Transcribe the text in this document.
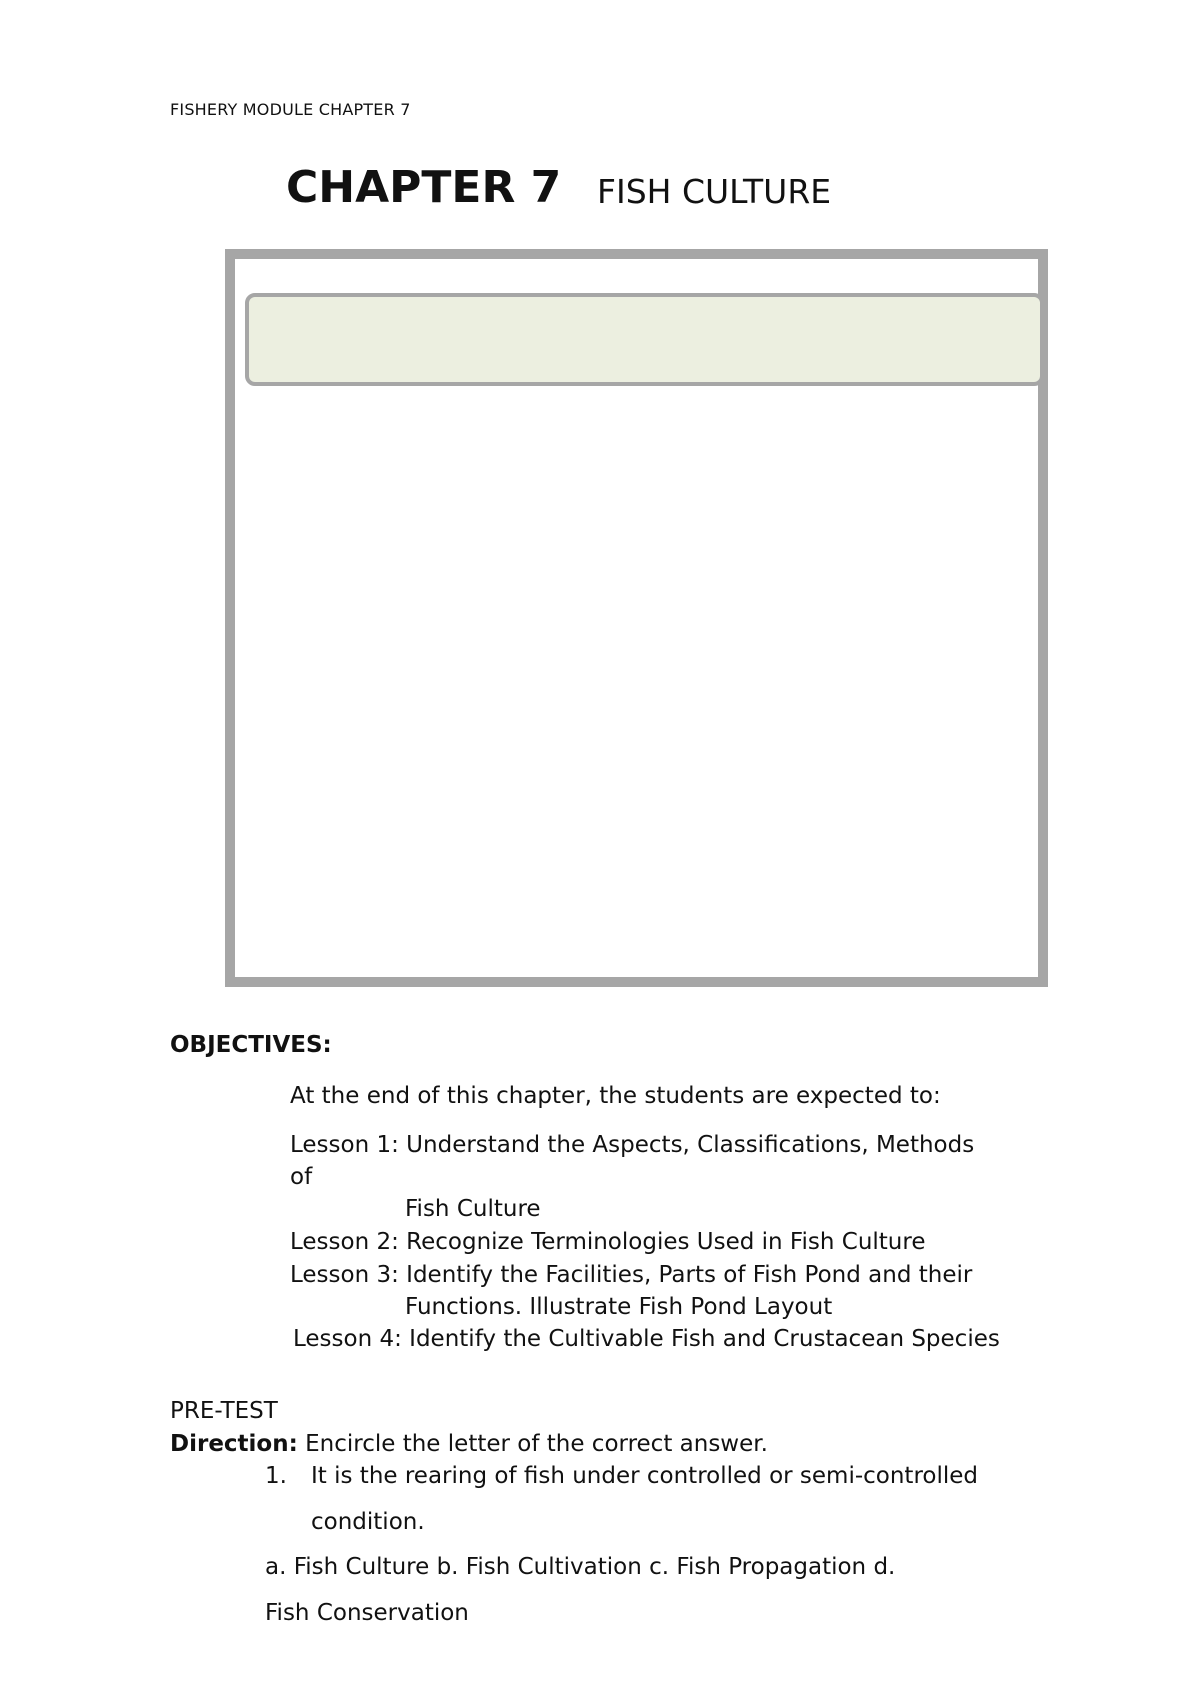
FISHERY MODULE CHAPTER 7
CHAPTER 7 FISH CULTURE
OBJECTIVES:
At the end of this chapter, the students are expected to:
Lesson 1: Understand the Aspects, Classifications, Methods
of
Fish Culture
Lesson 2: Recognize Terminologies Used in Fish Culture
Lesson 3: Identify the Facilities, Parts of Fish Pond and their
Functions. Illustrate Fish Pond Layout
Lesson 4: Identify the Cultivable Fish and Crustacean Species
PRE-TEST
Direction: Encircle the letter of the correct answer.
1. It is the rearing of fish under controlled or semi-controlled
condition.
a. Fish Culture b. Fish Cultivation c. Fish Propagation d.
Fish Conservation
